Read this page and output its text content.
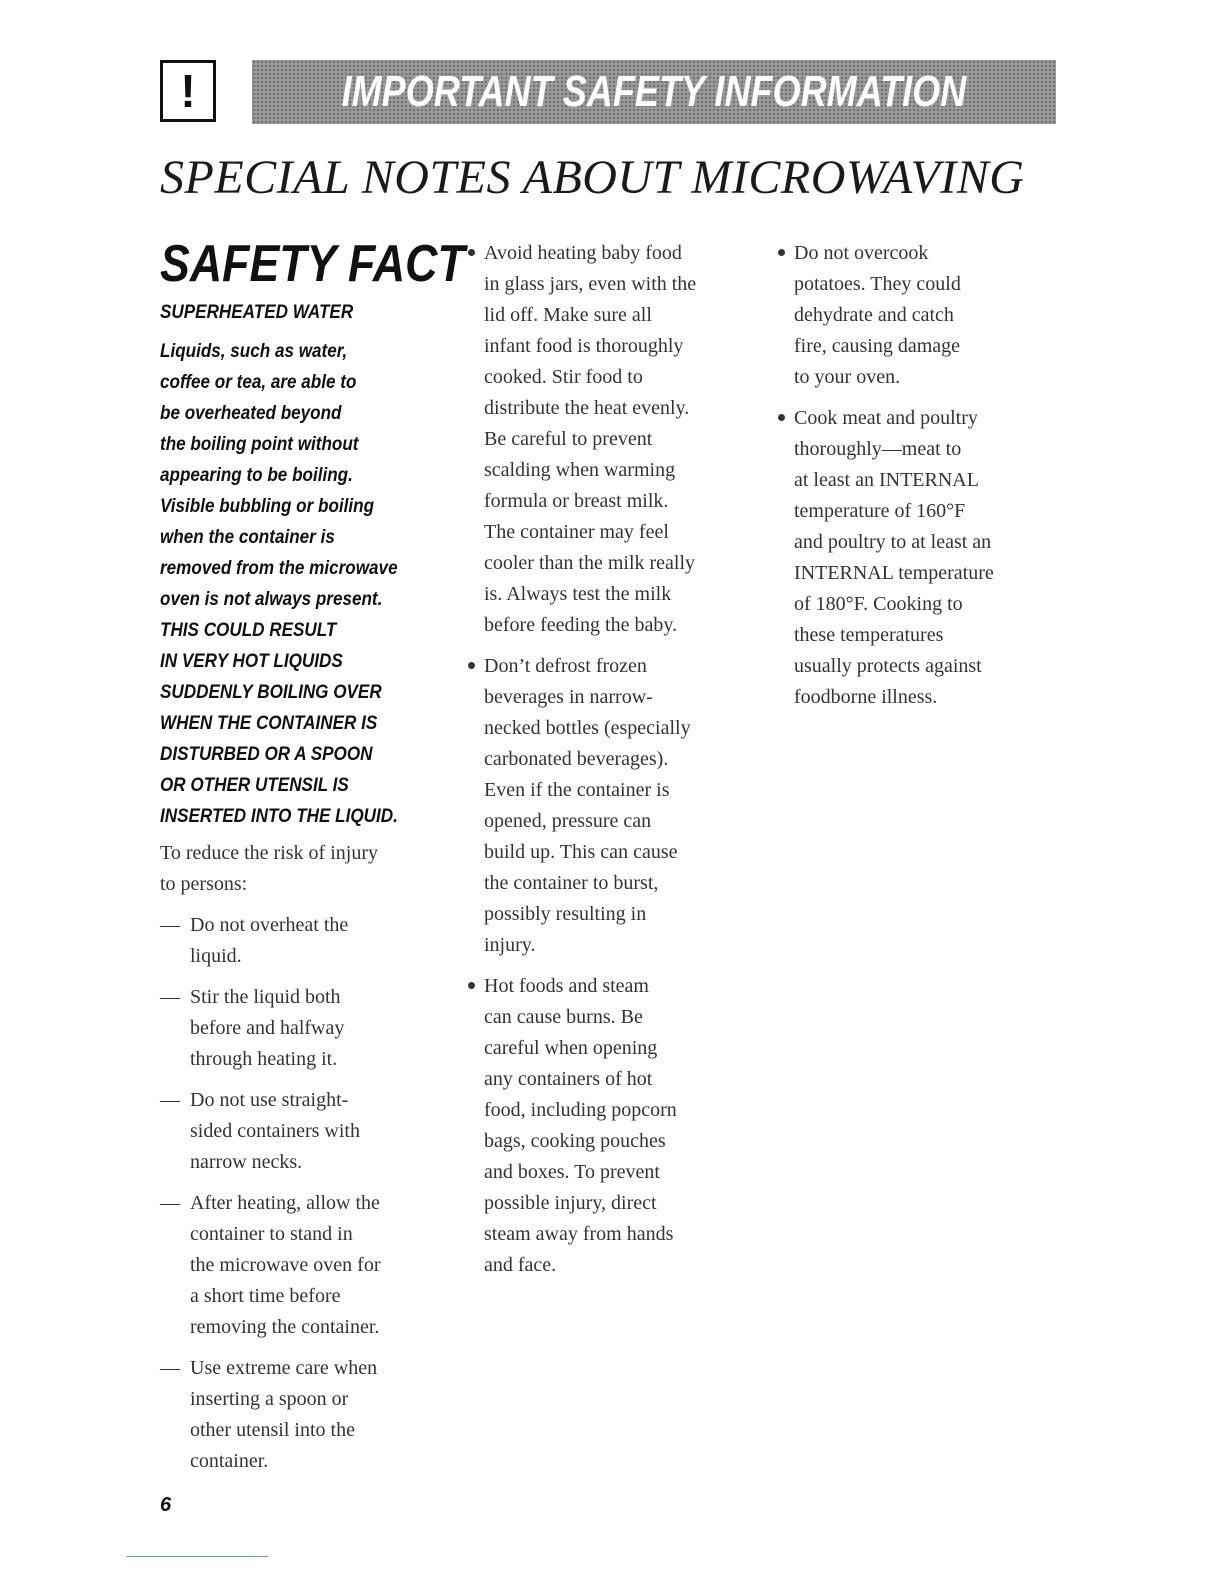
!	IMPORTANT SAFETY INFORMATION
SPECIAL NOTES ABOUT MICROWAVING
SAFETY FACT
SUPERHEATED WATER
Liquids, such as water,
coffee or tea, are able to
be overheated beyond
the boiling point without
appearing to be boiling.
Visible bubbling or boiling
when the container is
removed from the microwave
oven is not always present.
THIS COULD RESULT
IN VERY HOT LIQUIDS
SUDDENLY BOILING OVER
WHEN THE CONTAINER IS
DISTURBED OR A SPOON
OR OTHER UTENSIL IS
INSERTED INTO THE LIQUID.
To reduce the risk of injury
to persons:
— Do not overheat the
liquid.
— Stir the liquid both
before and halfway
through heating it.
— Do not use straight-
sided containers with
narrow necks.
— After heating, allow the
container to stand in
the microwave oven for
a short time before
removing the container.
— Use extreme care when
inserting a spoon or
other utensil into the
container.
Avoid heating baby food
in glass jars, even with the
lid off. Make sure all
infant food is thoroughly
cooked. Stir food to
distribute the heat evenly.
Be careful to prevent
scalding when warming
formula or breast milk.
The container may feel
cooler than the milk really
is. Always test the milk
before feeding the baby.
Don’t defrost frozen
beverages in narrow-
necked bottles (especially
carbonated beverages).
Even if the container is
opened, pressure can
build up. This can cause
the container to burst,
possibly resulting in
injury.
Hot foods and steam
can cause burns. Be
careful when opening
any containers of hot
food, including popcorn
bags, cooking pouches
and boxes. To prevent
possible injury, direct
steam away from hands
and face.
Do not overcook
potatoes. They could
dehydrate and catch
fire, causing damage
to your oven.
Cook meat and poultry
thoroughly—meat to
at least an INTERNAL
temperature of 160°F
and poultry to at least an
INTERNAL temperature
of 180°F. Cooking to
these temperatures
usually protects against
foodborne illness.
6
